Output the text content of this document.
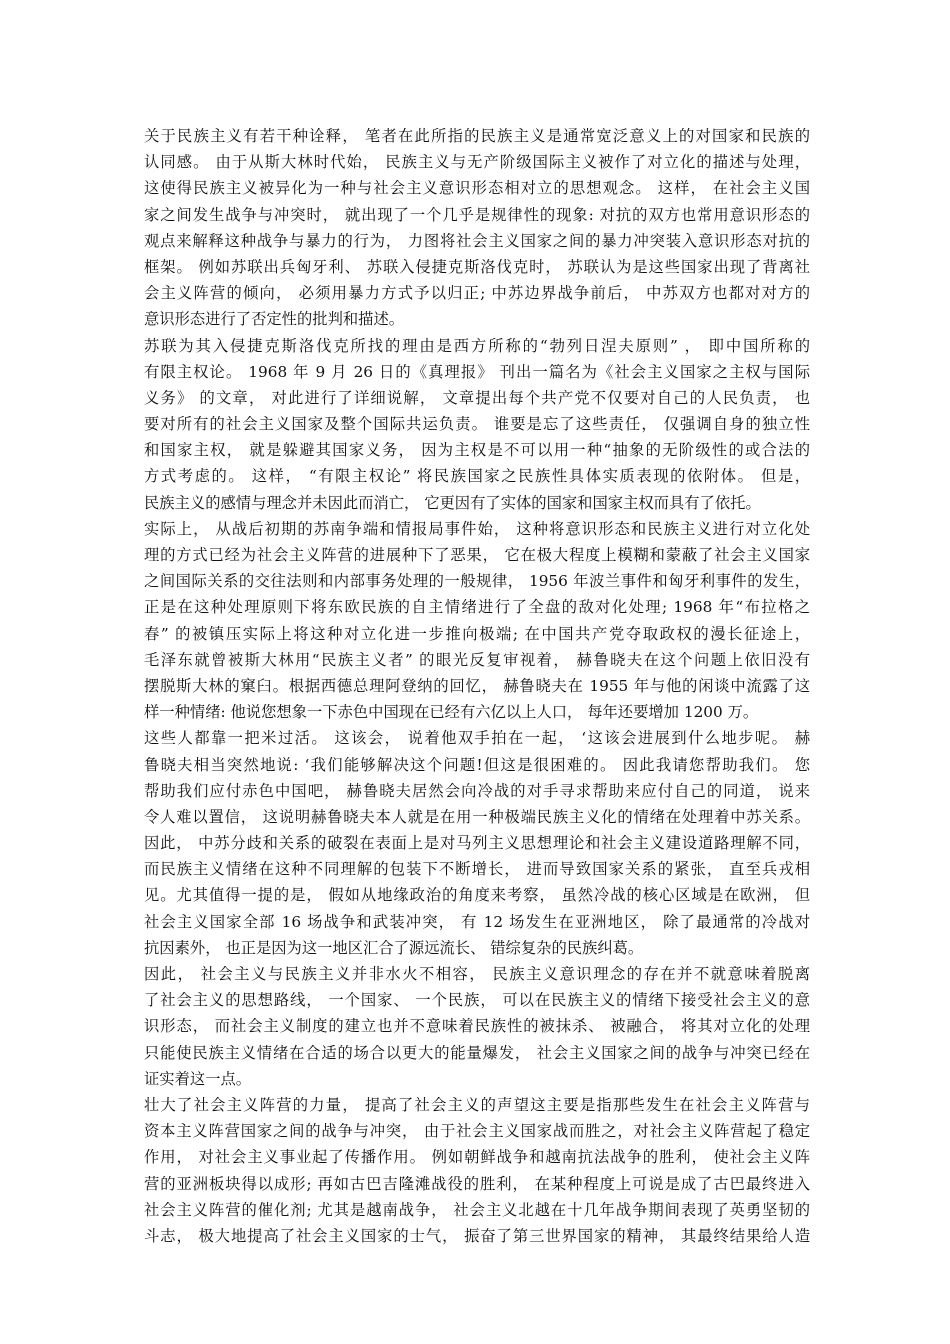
关于民族主义有若干种诠释， 笔者在此所指的民族主义是通常宽泛意义上的对国家和民族的
认同感。 由于从斯大林时代始， 民族主义与无产阶级国际主义被作了对立化的描述与处理，
这使得民族主义被异化为一种与社会主义意识形态相对立的思想观念。 这样， 在社会主义国
家之间发生战争与冲突时， 就出现了一个几乎是规律性的现象: 对抗的双方也常用意识形态的
观点来解释这种战争与暴力的行为， 力图将社会主义国家之间的暴力冲突装入意识形态对抗的
框架。 例如苏联出兵匈牙利、 苏联入侵捷克斯洛伐克时， 苏联认为是这些国家出现了背离社
会主义阵营的倾向， 必须用暴力方式予以归正; 中苏边界战争前后， 中苏双方也都对对方的
意识形态进行了否定性的批判和描述。
苏联为其入侵捷克斯洛伐克所找的理由是西方所称的“勃列日涅夫原则” ， 即中国所称的
有限主权论。 1968 年 9 月 26 日的《真理报》 刊出一篇名为《社会主义国家之主权与国际
义务》 的文章， 对此进行了详细说解， 文章提出每个共产党不仅要对自己的人民负责， 也
要对所有的社会主义国家及整个国际共运负责。 谁要是忘了这些责任， 仅强调自身的独立性
和国家主权， 就是躲避其国家义务， 因为主权是不可以用一种“抽象的无阶级性的或合法的
方式考虑的。 这样， “有限主权论” 将民族国家之民族性具体实质表现的依附体。 但是，
民族主义的感情与理念并未因此而消亡， 它更因有了实体的国家和国家主权而具有了依托。
实际上， 从战后初期的苏南争端和情报局事件始， 这种将意识形态和民族主义进行对立化处
理的方式已经为社会主义阵营的进展种下了恶果， 它在极大程度上模糊和蒙蔽了社会主义国家
之间国际关系的交往法则和内部事务处理的一般规律， 1956 年波兰事件和匈牙利事件的发生，
正是在这种处理原则下将东欧民族的自主情绪进行了全盘的敌对化处理; 1968 年“布拉格之
春” 的被镇压实际上将这种对立化进一步推向极端; 在中国共产党夺取政权的漫长征途上，
毛泽东就曾被斯大林用“民族主义者” 的眼光反复审视着， 赫鲁晓夫在这个问题上依旧没有
摆脱斯大林的窠臼。根据西德总理阿登纳的回忆， 赫鲁晓夫在 1955 年与他的闲谈中流露了这
样一种情绪: 他说您想象一下赤色中国现在已经有六亿以上人口， 每年还要增加 1200 万。
这些人都靠一把米过活。 这该会， 说着他双手拍在一起， ‘这该会进展到什么地步呢。 赫
鲁晓夫相当突然地说: ‘我们能够解决这个问题!但这是很困难的。 因此我请您帮助我们。 您
帮助我们应付赤色中国吧， 赫鲁晓夫居然会向冷战的对手寻求帮助来应付自己的同道， 说来
令人难以置信， 这说明赫鲁晓夫本人就是在用一种极端民族主义化的情绪在处理着中苏关系。
因此， 中苏分歧和关系的破裂在表面上是对马列主义思想理论和社会主义建设道路理解不同，
而民族主义情绪在这种不同理解的包装下不断增长， 进而导致国家关系的紧张， 直至兵戎相
见。尤其值得一提的是， 假如从地缘政治的角度来考察， 虽然冷战的核心区域是在欧洲， 但
社会主义国家全部 16 场战争和武装冲突， 有 12 场发生在亚洲地区， 除了最通常的冷战对
抗因素外， 也正是因为这一地区汇合了源远流长、 错综复杂的民族纠葛。
因此， 社会主义与民族主义并非水火不相容， 民族主义意识理念的存在并不就意味着脱离
了社会主义的思想路线， 一个国家、 一个民族， 可以在民族主义的情绪下接受社会主义的意
识形态， 而社会主义制度的建立也并不意味着民族性的被抹杀、 被融合， 将其对立化的处理
只能使民族主义情绪在合适的场合以更大的能量爆发， 社会主义国家之间的战争与冲突已经在
证实着这一点。
壮大了社会主义阵营的力量， 提高了社会主义的声望这主要是指那些发生在社会主义阵营与
资本主义阵营国家之间的战争与冲突， 由于社会主义国家战而胜之，对社会主义阵营起了稳定
作用， 对社会主义事业起了传播作用。 例如朝鲜战争和越南抗法战争的胜利， 使社会主义阵
营的亚洲板块得以成形; 再如古巴吉隆滩战役的胜利， 在某种程度上可说是成了古巴最终进入
社会主义阵营的催化剂; 尤其是越南战争， 社会主义北越在十几年战争期间表现了英勇坚韧的
斗志， 极大地提高了社会主义国家的士气， 振奋了第三世界国家的精神， 其最终结果给人造
